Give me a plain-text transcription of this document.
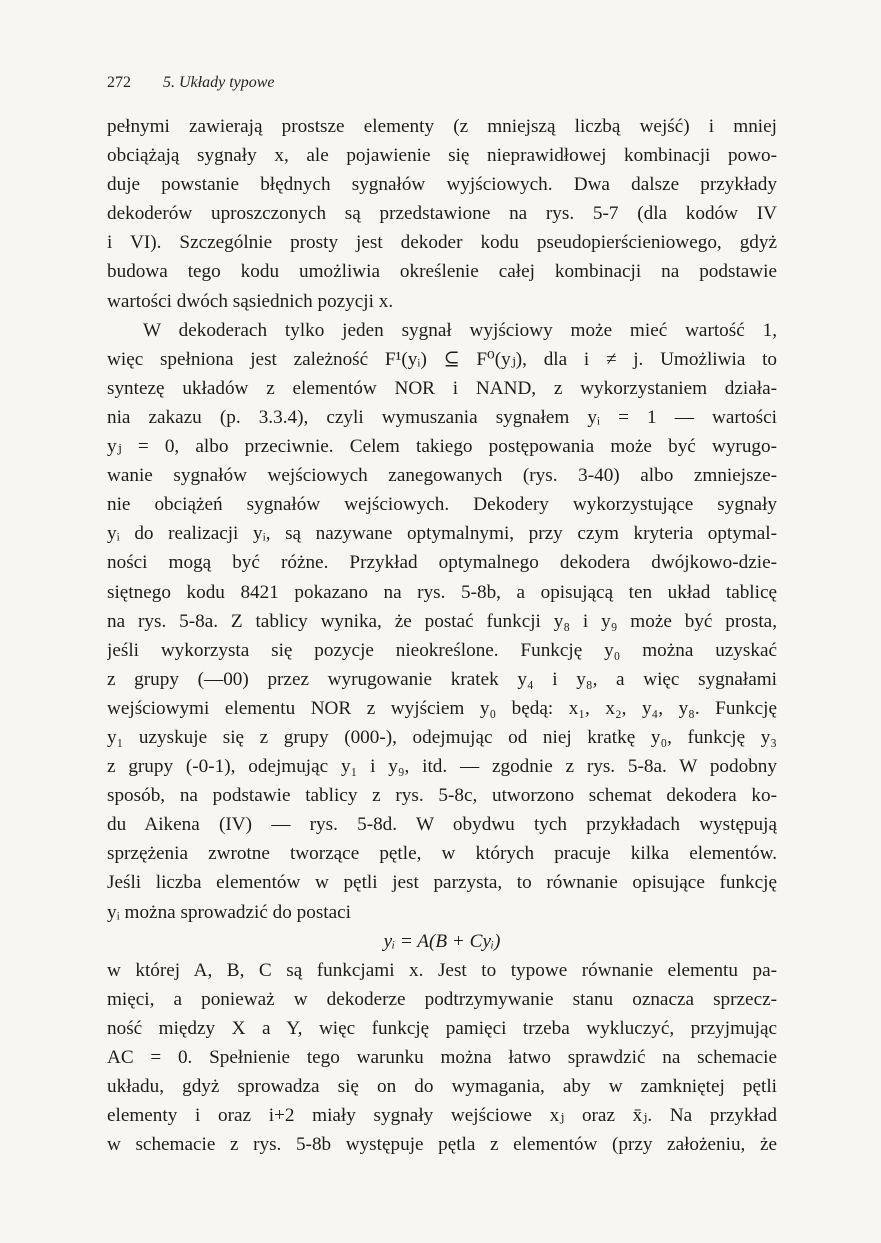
272 5. Układy typowe
pełnymi zawierają prostsze elementy (z mniejszą liczbą wejść) i mniej
obciążają sygnały x, ale pojawienie się nieprawidłowej kombinacji powo-
duje powstanie błędnych sygnałów wyjściowych. Dwa dalsze przykłady
dekoderów uproszczonych są przedstawione na rys. 5-7 (dla kodów IV
i VI). Szczególnie prosty jest dekoder kodu pseudopierścieniowego, gdyż
budowa tego kodu umożliwia określenie całej kombinacji na podstawie
wartości dwóch sąsiednich pozycji x.
W dekoderach tylko jeden sygnał wyjściowy może mieć wartość 1,
więc spełniona jest zależność F¹(yᵢ) ⊆ F⁰(yⱼ), dla i ≠ j. Umożliwia to
syntezę układów z elementów NOR i NAND, z wykorzystaniem działa-
nia zakazu (p. 3.3.4), czyli wymuszania sygnałem yᵢ = 1 — wartości
yⱼ = 0, albo przeciwnie. Celem takiego postępowania może być wyrugo-
wanie sygnałów wejściowych zanegowanych (rys. 3-40) albo zmniejsze-
nie obciążeń sygnałów wejściowych. Dekodery wykorzystujące sygnały
yᵢ do realizacji yᵢ, są nazywane optymalnymi, przy czym kryteria optymal-
ności mogą być różne. Przykład optymalnego dekodera dwójkowo-dzie-
siętnego kodu 8421 pokazano na rys. 5-8b, a opisującą ten układ tablicę
na rys. 5-8a. Z tablicy wynika, że postać funkcji y₈ i y₉ może być prosta,
jeśli wykorzysta się pozycje nieokreślone. Funkcję y₀ można uzyskać
z grupy (—00) przez wyrugowanie kratek y₄ i y₈, a więc sygnałami
wejściowymi elementu NOR z wyjściem y₀ będą: x₁, x₂, y₄, y₈. Funkcję
y₁ uzyskuje się z grupy (000-), odejmując od niej kratkę y₀, funkcję y₃
z grupy (-0-1), odejmując y₁ i y₉, itd. — zgodnie z rys. 5-8a. W podobny
sposób, na podstawie tablicy z rys. 5-8c, utworzono schemat dekodera ko-
du Aikena (IV) — rys. 5-8d. W obydwu tych przykładach występują
sprzężenia zwrotne tworzące pętle, w których pracuje kilka elementów.
Jeśli liczba elementów w pętli jest parzysta, to równanie opisujące funkcję
yᵢ można sprowadzić do postaci
yᵢ = A(B + Cyᵢ)
w której A, B, C są funkcjami x. Jest to typowe równanie elementu pa-
mięci, a ponieważ w dekoderze podtrzymywanie stanu oznacza sprzecz-
ność między X a Y, więc funkcję pamięci trzeba wykluczyć, przyjmując
AC = 0. Spełnienie tego warunku można łatwo sprawdzić na schemacie
układu, gdyż sprowadza się on do wymagania, aby w zamkniętej pętli
elementy i oraz i+2 miały sygnały wejściowe xⱼ oraz x̄ⱼ. Na przykład
w schemacie z rys. 5-8b występuje pętla z elementów (przy założeniu, że
